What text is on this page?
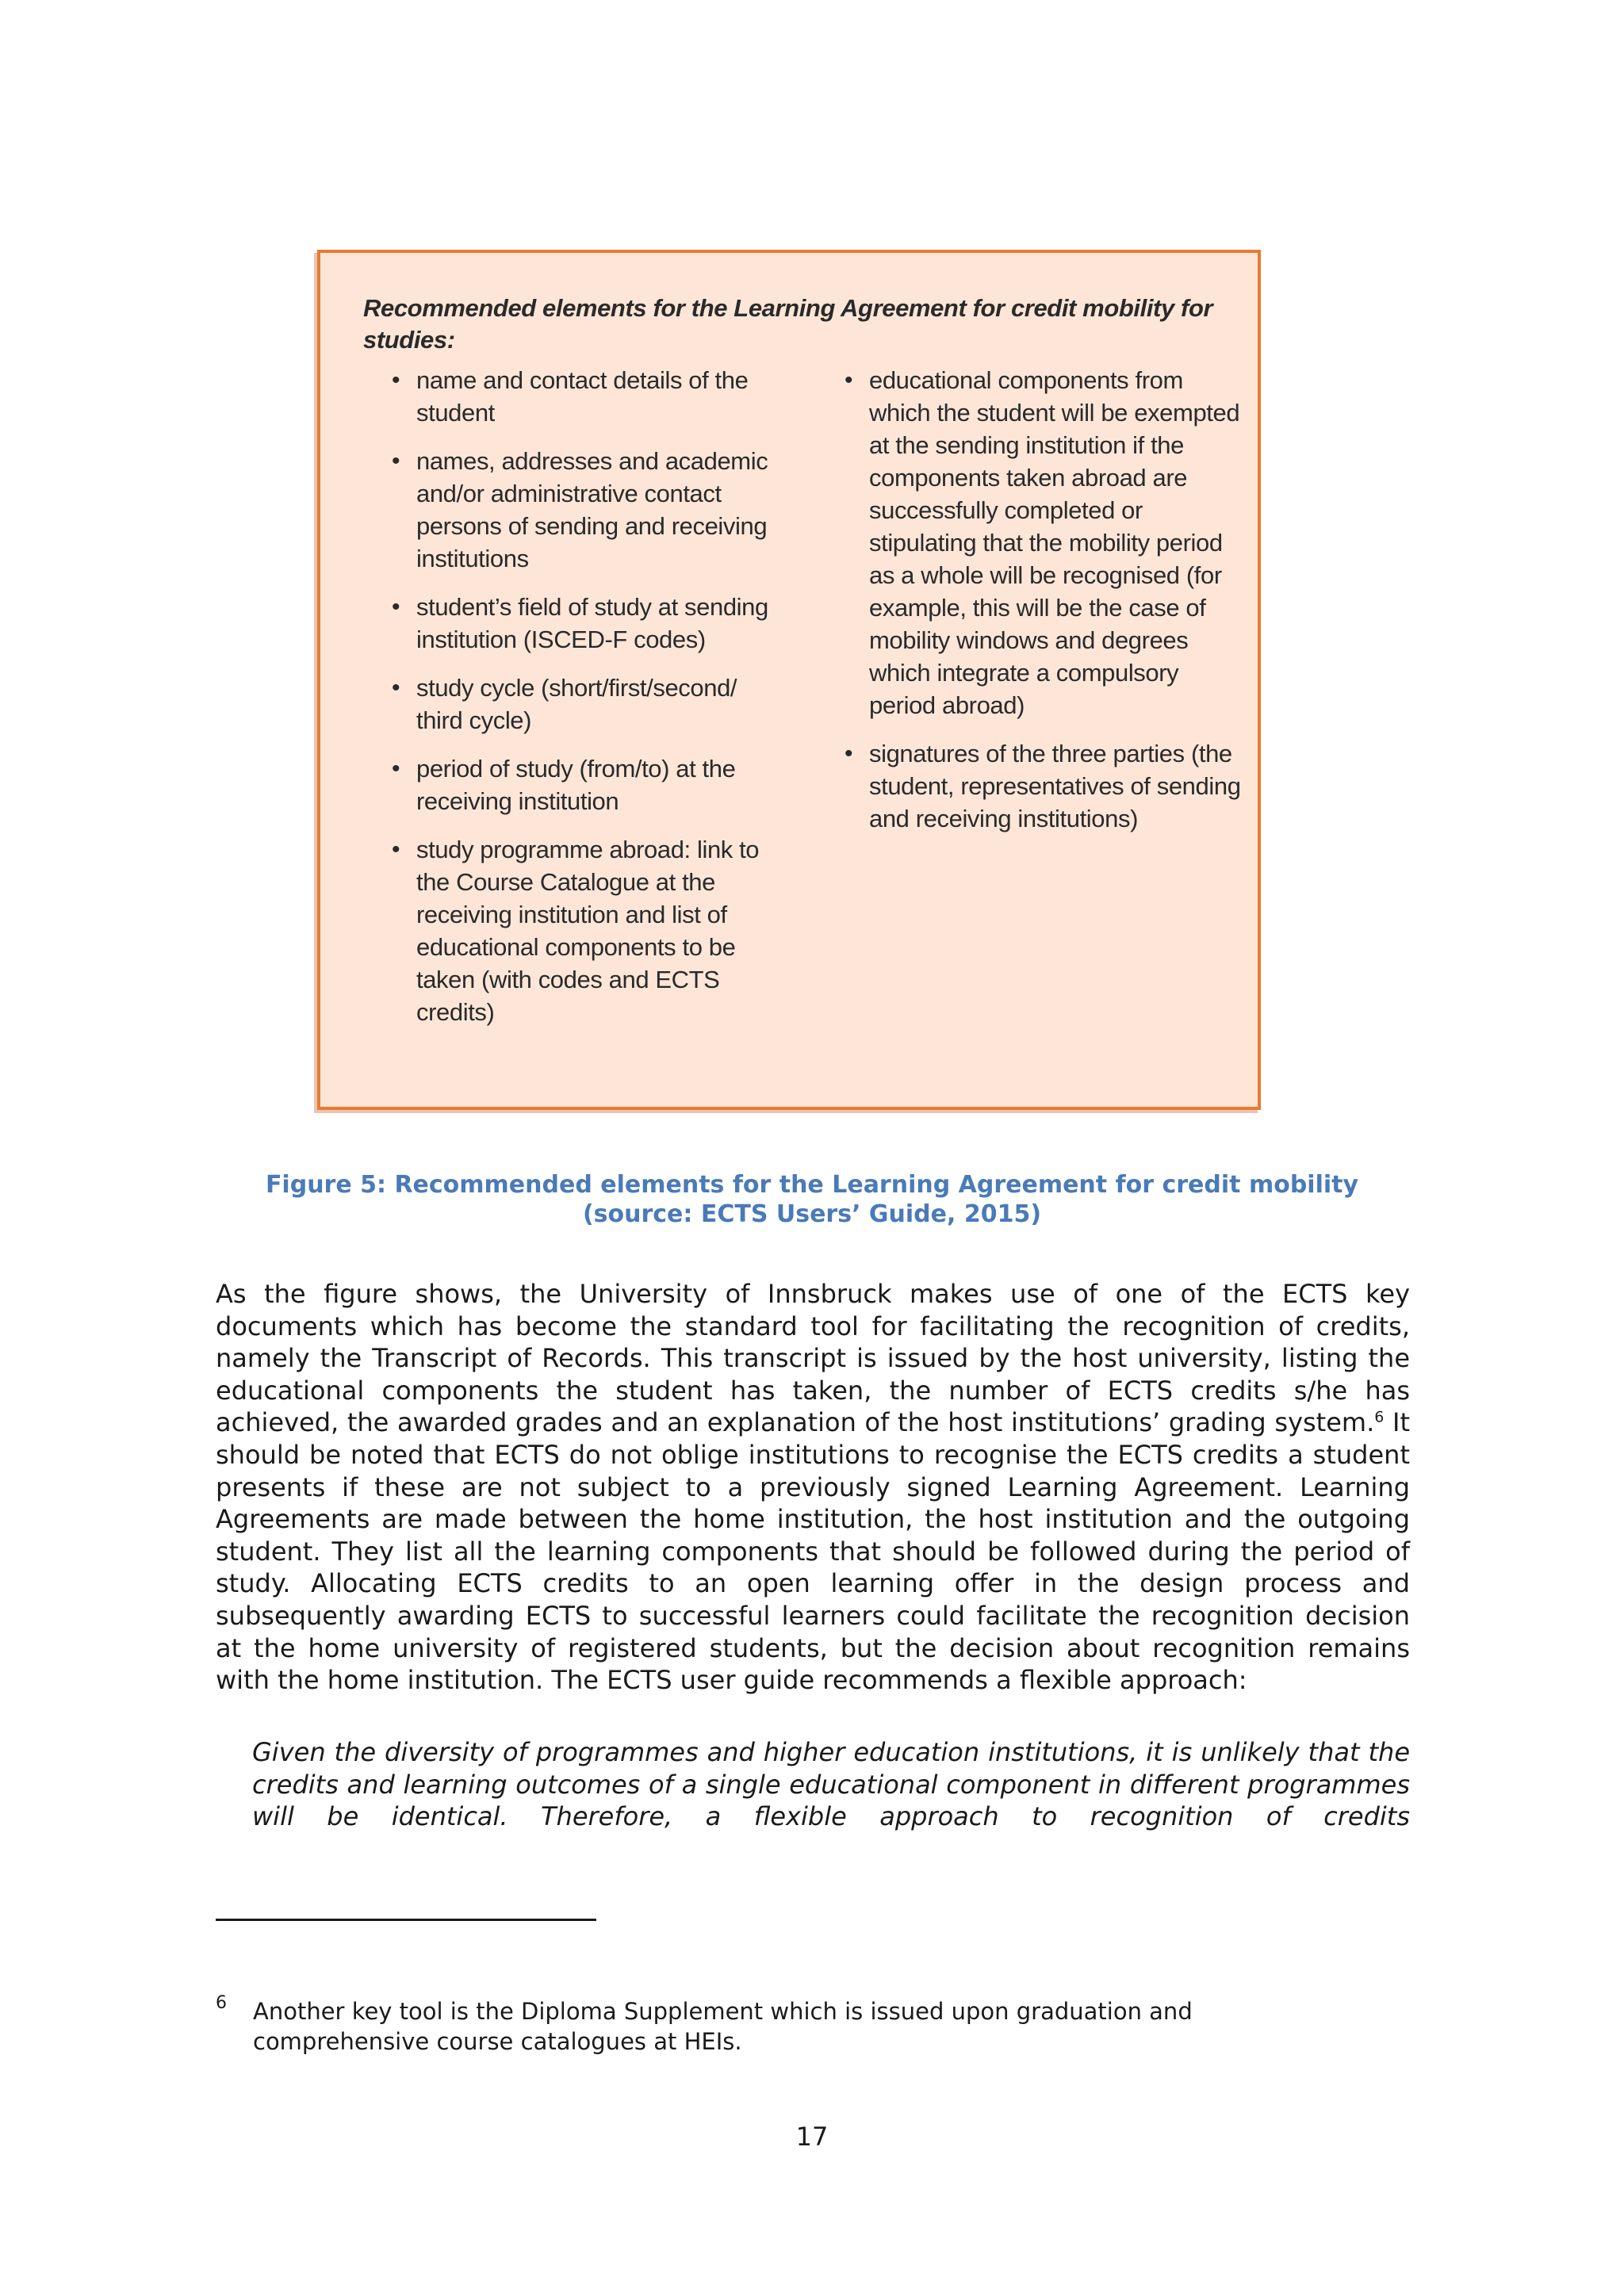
Recommended elements for the Learning Agreement for credit mobility for studies:

• name and contact details of the student
• names, addresses and academic and/or administrative contact persons of sending and receiving institutions
• student’s field of study at sending institution (ISCED-F codes)
• study cycle (short/first/second/ third cycle)
• period of study (from/to) at the receiving institution
• study programme abroad: link to the Course Catalogue at the receiving institution and list of educational components to be taken (with codes and ECTS credits)
• educational components from which the student will be exempted at the sending institution if the components taken abroad are successfully completed or stipulating that the mobility period as a whole will be recognised (for example, this will be the case of mobility windows and degrees which integrate a compulsory period abroad)
• signatures of the three parties (the student, representatives of sending and receiving institutions)

Figure 5: Recommended elements for the Learning Agreement for credit mobility
(source: ECTS Users’ Guide, 2015)

As the figure shows, the University of Innsbruck makes use of one of the ECTS key documents which has become the standard tool for facilitating the recognition of credits, namely the Transcript of Records. This transcript is issued by the host university, listing the educational components the student has taken, the number of ECTS credits s/he has achieved, the awarded grades and an explanation of the host institutions’ grading system.$^6$ It should be noted that ECTS do not oblige institutions to recognise the ECTS credits a student presents if these are not subject to a previously signed Learning Agreement. Learning Agreements are made between the home institution, the host institution and the outgoing student. They list all the learning components that should be followed during the period of study. Allocating ECTS credits to an open learning offer in the design process and subsequently awarding ECTS to successful learners could facilitate the recognition decision at the home university of registered students, but the decision about recognition remains with the home institution. The ECTS user guide recommends a flexible approach:

Given the diversity of programmes and higher education institutions, it is unlikely that the credits and learning outcomes of a single educational component in different programmes will be identical. Therefore, a flexible approach to recognition of credits

6 Another key tool is the Diploma Supplement which is issued upon graduation and comprehensive course catalogues at HEIs.

17
